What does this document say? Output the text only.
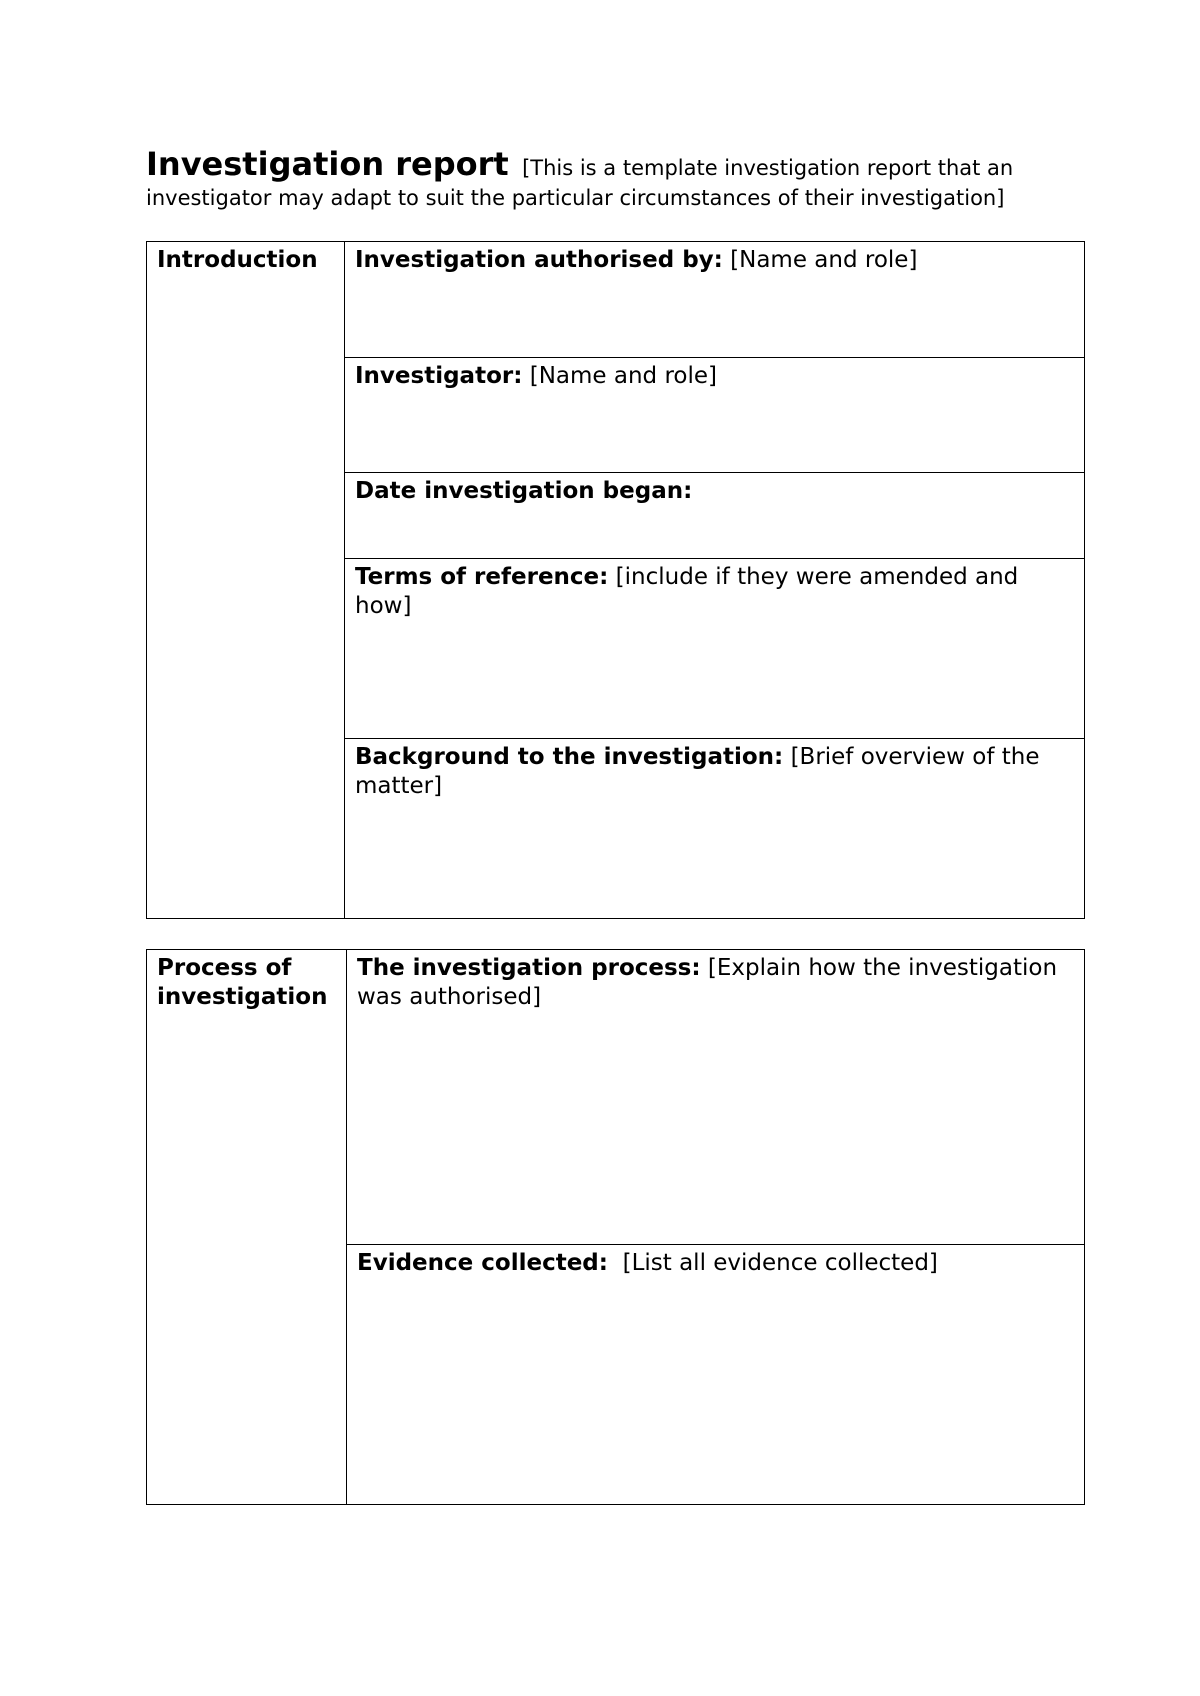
Investigation report [This is a template investigation report that an investigator may adapt to suit the particular circumstances of their investigation]
Introduction	Investigation authorised by: [Name and role]
Investigator: [Name and role]
Date investigation began:
Terms of reference: [include if they were amended and how]
Background to the investigation: [Brief overview of the matter]
Process of investigation	The investigation process: [Explain how the investigation was authorised]
Evidence collected:  [List all evidence collected]
